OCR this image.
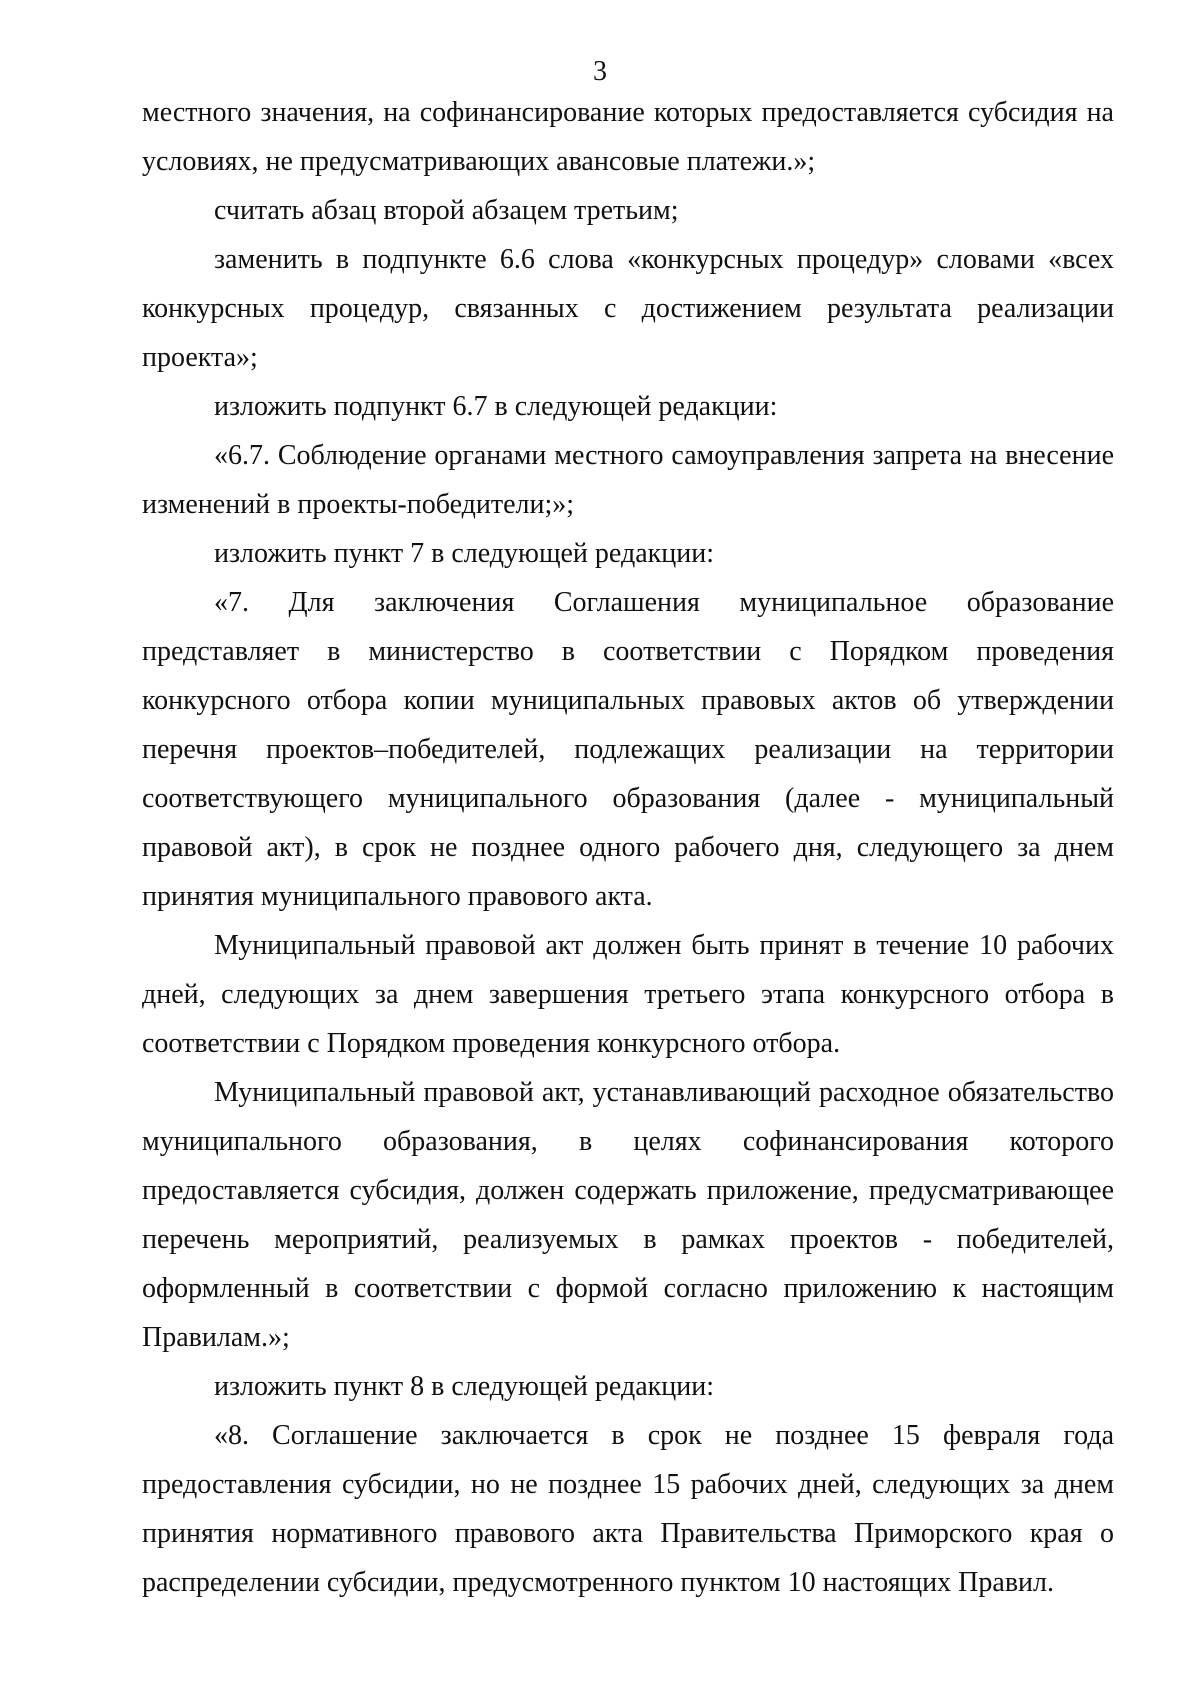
3

местного значения, на софинансирование которых предоставляется субсидия на условиях, не предусматривающих авансовые платежи.»;

считать абзац второй абзацем третьим;

заменить в подпункте 6.6 слова «конкурсных процедур» словами «всех конкурсных процедур, связанных с достижением результата реализации проекта»;

изложить подпункт 6.7 в следующей редакции:

«6.7. Соблюдение органами местного самоуправления запрета на внесение изменений в проекты-победители;»;

изложить пункт 7 в следующей редакции:

«7. Для заключения Соглашения муниципальное образование представляет в министерство в соответствии с Порядком проведения конкурсного отбора копии муниципальных правовых актов об утверждении перечня проектов–победителей, подлежащих реализации на территории соответствующего муниципального образования (далее - муниципальный правовой акт), в срок не позднее одного рабочего дня, следующего за днем принятия муниципального правового акта.

Муниципальный правовой акт должен быть принят в течение 10 рабочих дней, следующих за днем завершения третьего этапа конкурсного отбора в соответствии с Порядком проведения конкурсного отбора.

Муниципальный правовой акт, устанавливающий расходное обязательство муниципального образования, в целях софинансирования которого предоставляется субсидия, должен содержать приложение, предусматривающее перечень мероприятий, реализуемых в рамках проектов - победителей, оформленный в соответствии с формой согласно приложению к настоящим Правилам.»;

изложить пункт 8 в следующей редакции:

«8. Соглашение заключается в срок не позднее 15 февраля года предоставления субсидии, но не позднее 15 рабочих дней, следующих за днем принятия нормативного правового акта Правительства Приморского края о распределении субсидии, предусмотренного пунктом 10 настоящих Правил.
